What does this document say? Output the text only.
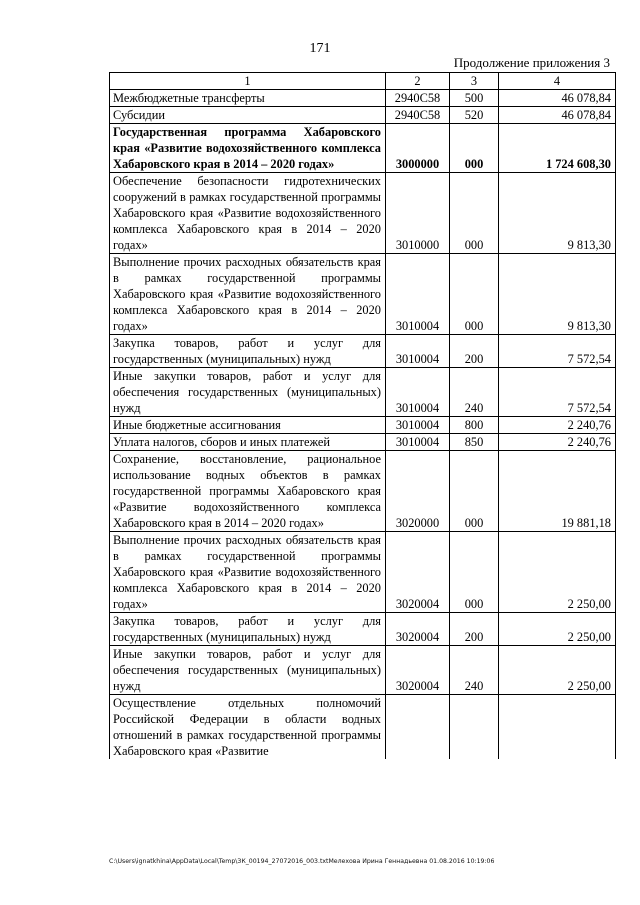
171
Продолжение приложения 3
1	2	3	4
Межбюджетные трансферты	2940С58	500	46 078,84
Субсидии	2940С58	520	46 078,84
Государственная программа Хабаровского края «Развитие водохозяйственного комплекса Хабаровского края в 2014 – 2020 годах»	3000000	000	1 724 608,30
Обеспечение безопасности гидротехнических сооружений в рамках государственной программы Хабаровского края «Развитие водохозяйственного комплекса Хабаровского края в 2014 – 2020 годах»	3010000	000	9 813,30
Выполнение прочих расходных обязательств края в рамках государственной программы Хабаровского края «Развитие водохозяйственного комплекса Хабаровского края в 2014 – 2020 годах»	3010004	000	9 813,30
Закупка товаров, работ и услуг для государственных (муниципальных) нужд	3010004	200	7 572,54
Иные закупки товаров, работ и услуг для обеспечения государственных (муниципальных) нужд	3010004	240	7 572,54
Иные бюджетные ассигнования	3010004	800	2 240,76
Уплата налогов, сборов и иных платежей	3010004	850	2 240,76
Сохранение, восстановление, рациональное использование водных объектов в рамках государственной программы Хабаровского края «Развитие водохозяйственного комплекса Хабаровского края в 2014 – 2020 годах»	3020000	000	19 881,18
Выполнение прочих расходных обязательств края в рамках государственной программы Хабаровского края «Развитие водохозяйственного комплекса Хабаровского края в 2014 – 2020 годах»	3020004	000	2 250,00
Закупка товаров, работ и услуг для государственных (муниципальных) нужд	3020004	200	2 250,00
Иные закупки товаров, работ и услуг для обеспечения государственных (муниципальных) нужд	3020004	240	2 250,00
Осуществление отдельных полномочий Российской Федерации в области водных отношений в рамках государственной программы Хабаровского края «Развитие			
C:\Users\ignatkhina\AppData\Local\Temp\ЗК_00194_27072016_003.txtМелехова Ирина Геннадьевна 01.08.2016 10:19:06
